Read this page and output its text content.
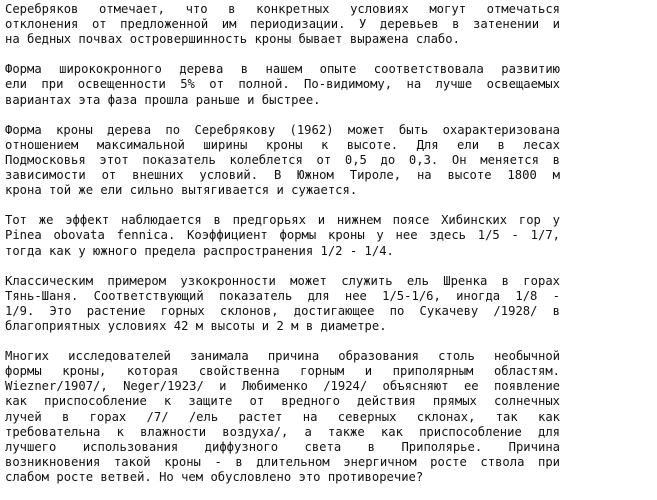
Серебряков отмечает, что в конкретных условиях могут отмечаться
отклонения от предложенной им периодизации. У деревьев в затенении и
на бедных почвах островершинность кроны бывает выражена слабо.

Форма ширококронного дерева в нашем опыте соответствовала развитию
ели при освещенности 5% от полной. По-видимому, на лучше освещаемых
вариантах эта фаза прошла раньше и быстрее.

Форма кроны дерева по Серебрякову (1962) может быть охарактеризована
отношением максимальной ширины кроны к высоте. Для ели в лесах
Подмосковья этот показатель колеблется от 0,5 до 0,3. Он меняется в
зависимости от внешних условий. В Южном Тироле, на высоте 1800 м
крона той же ели сильно вытягивается и сужается.

Тот же эффект наблюдается в предгорьях и нижнем поясе Хибинских гор у
Pinea obovata fennica. Коэффициент формы кроны у нее здесь 1/5 - 1/7,
тогда как у южного предела распространения 1/2 - 1/4.

Классическим примером узкокронности может служить ель Шренка в горах
Тянь-Шаня. Соответствующий показатель для нее 1/5-1/6, иногда 1/8 -
1/9. Это растение горных склонов, достигающее по Сукачеву /1928/ в
благоприятных условиях 42 м высоты и 2 м в диаметре.

Многих исследователей занимала причина образования столь необычной
формы кроны, которая свойственна горным и приполярным областям.
Wiezner/1907/, Neger/1923/ и Любименко /1924/ объясняют ее появление
как приспособление к защите от вредного действия прямых солнечных
лучей в горах /7/ /ель растет на северных склонах, так как
требовательна к влажности воздуха/, а также как приспособление для
лучшего использования диффузного света в Приполярье. Причина
возникновения такой кроны - в длительном энергичном росте ствола при
слабом росте ветвей. Но чем обусловлено это противоречие?
